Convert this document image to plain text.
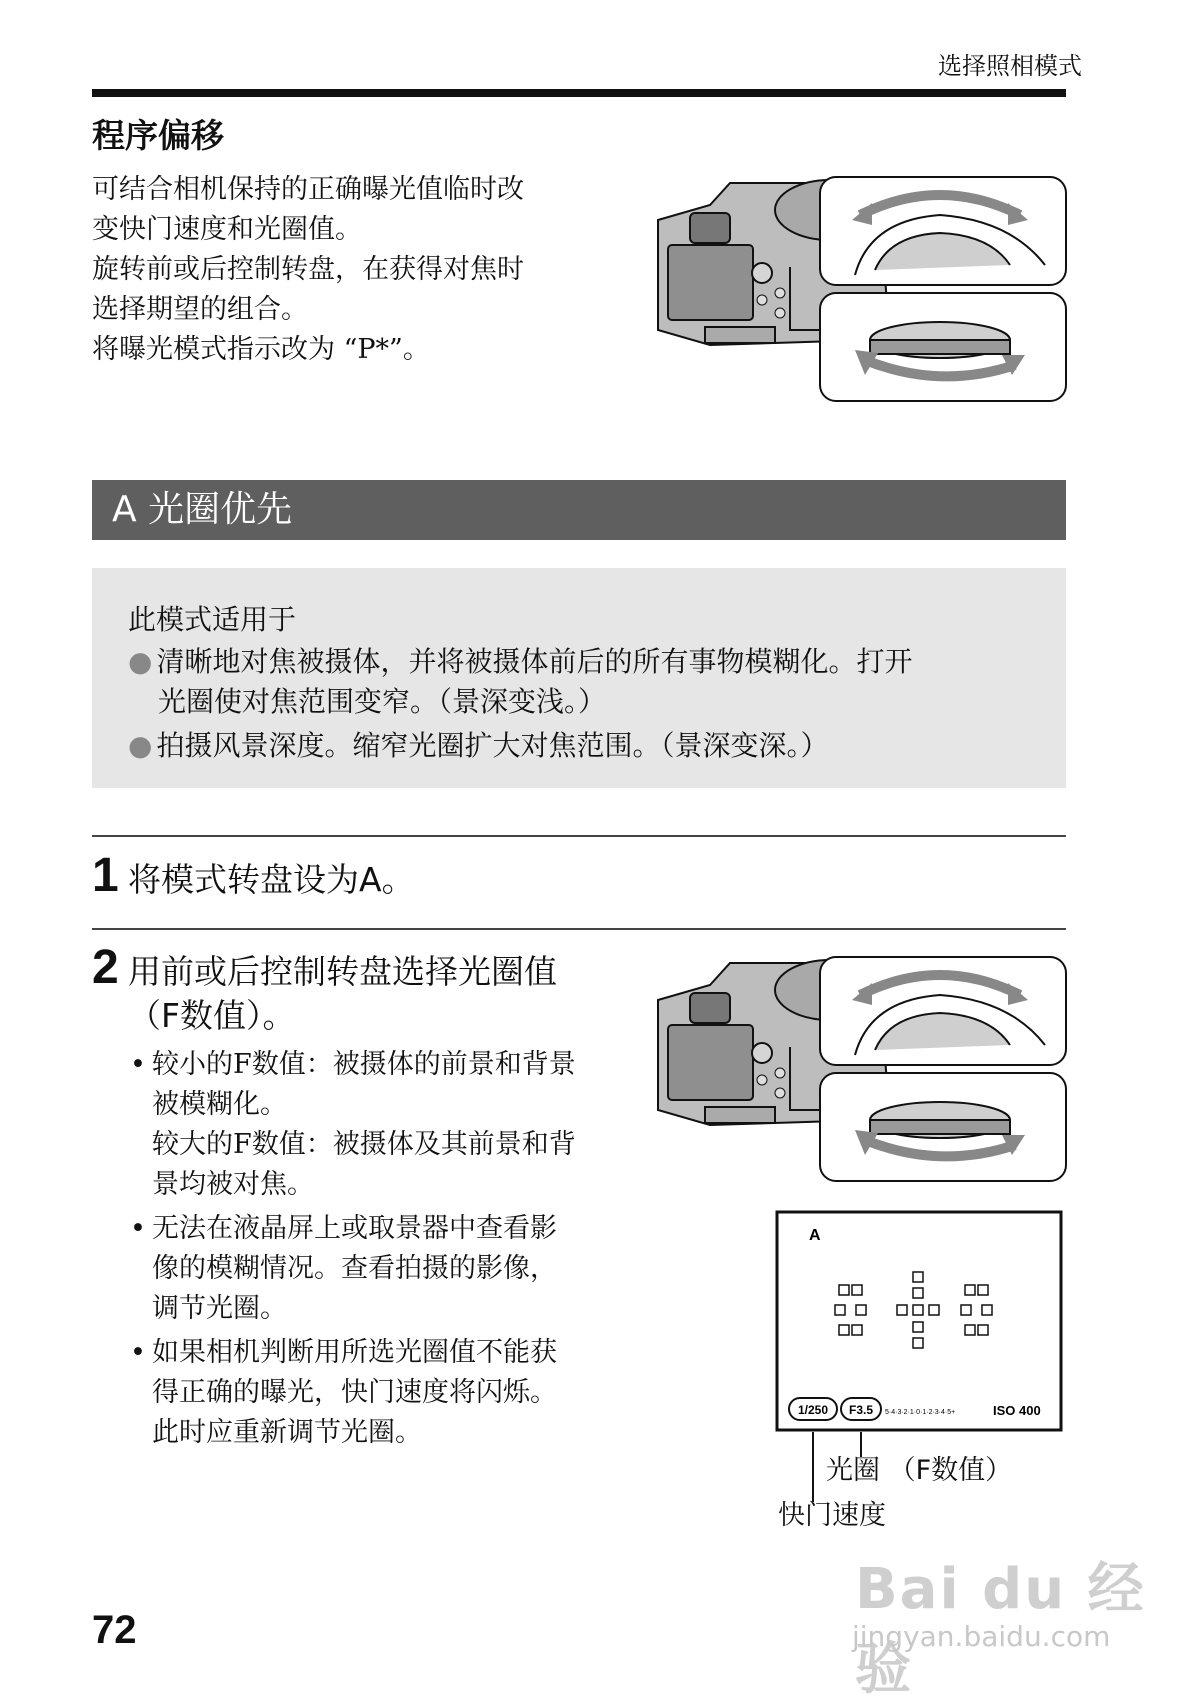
选择照相模式
程序偏移
可结合相机保持的正确曝光值临时改
变快门速度和光圈值。
旋转前或后控制转盘，在获得对焦时
选择期望的组合。
将曝光模式指示改为 “P*”。
A 光圈优先
此模式适用于
● 清晰地对焦被摄体，并将被摄体前后的所有事物模糊化。打开
光圈使对焦范围变窄。（景深变浅。）
● 拍摄风景深度。缩窄光圈扩大对焦范围。（景深变深。）
1 将模式转盘设为A。
2 用前或后控制转盘选择光圈值
（F数值）。
• 较小的F数值：被摄体的前景和背景
被模糊化。
较大的F数值：被摄体及其前景和背
景均被对焦。
• 无法在液晶屏上或取景器中查看影
像的模糊情况。查看拍摄的影像，
调节光圈。
• 如果相机判断用所选光圈值不能获
得正确的曝光，快门速度将闪烁。
此时应重新调节光圈。
A
1/250 F3.5 5·4·3·2·1·0·1·2·3·4·5+	ISO 400
光圈 （F数值）
快门速度
72
Bai du 经验
jingyan.baidu.com
